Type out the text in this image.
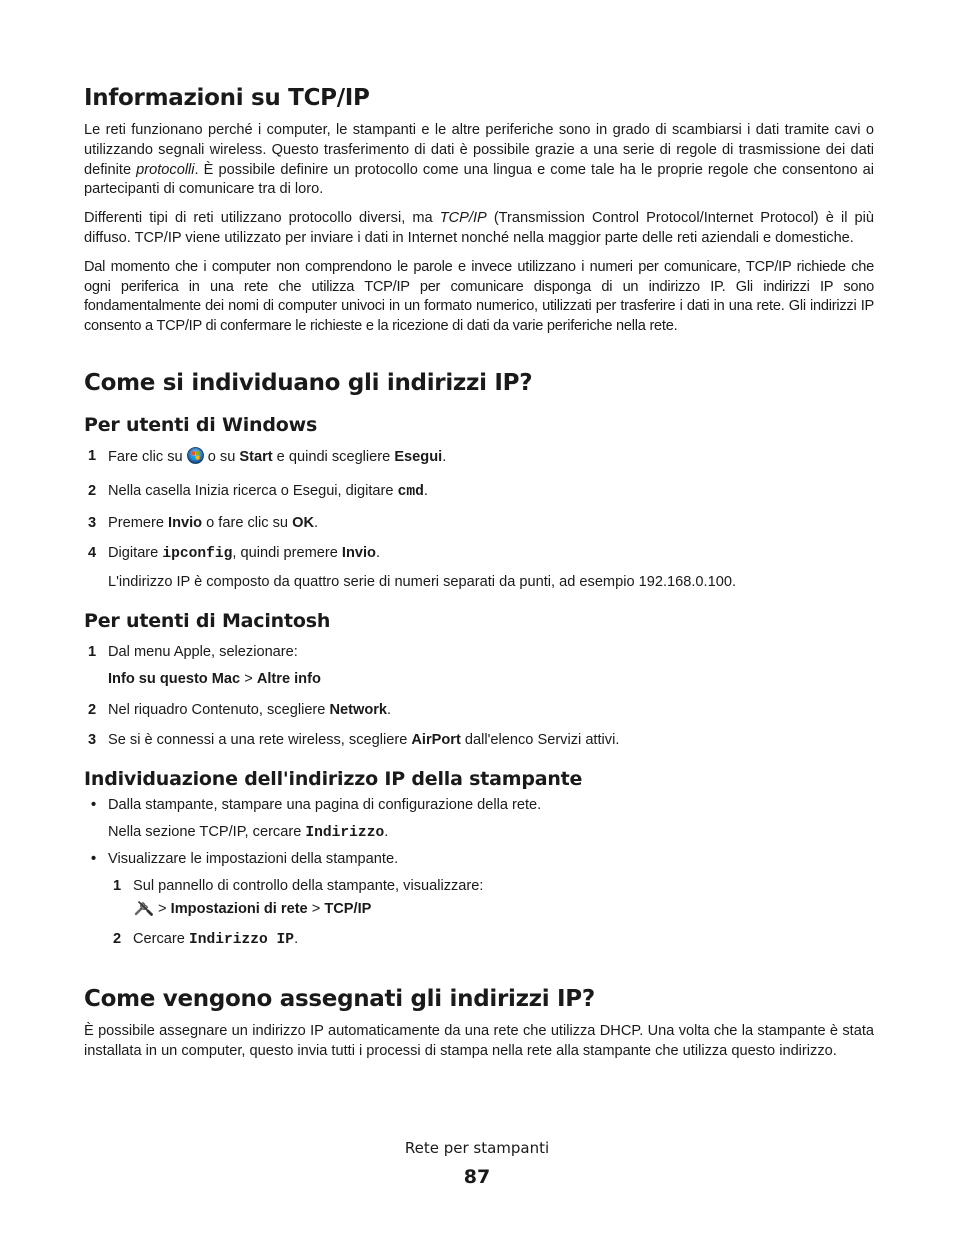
Informazioni su TCP/IP

Le reti funzionano perché i computer, le stampanti e le altre periferiche sono in grado di scambiarsi i dati tramite cavi o utilizzando segnali wireless. Questo trasferimento di dati è possibile grazie a una serie di regole di trasmissione dei dati definite protocolli. È possibile definire un protocollo come una lingua e come tale ha le proprie regole che consentono ai partecipanti di comunicare tra di loro.

Differenti tipi di reti utilizzano protocollo diversi, ma TCP/IP (Transmission Control Protocol/Internet Protocol) è il più diffuso. TCP/IP viene utilizzato per inviare i dati in Internet nonché nella maggior parte delle reti aziendali e domestiche.

Dal momento che i computer non comprendono le parole e invece utilizzano i numeri per comunicare, TCP/IP richiede che ogni periferica in una rete che utilizza TCP/IP per comunicare disponga di un indirizzo IP. Gli indirizzi IP sono fondamentalmente dei nomi di computer univoci in un formato numerico, utilizzati per trasferire i dati in una rete. Gli indirizzi IP consento a TCP/IP di confermare le richieste e la ricezione di dati da varie periferiche nella rete.

Come si individuano gli indirizzi IP?
Per utenti di Windows
1 Fare clic su  o su Start e quindi scegliere Esegui.
2 Nella casella Inizia ricerca o Esegui, digitare cmd.
3 Premere Invio o fare clic su OK.
4 Digitare ipconfig, quindi premere Invio.
L'indirizzo IP è composto da quattro serie di numeri separati da punti, ad esempio 192.168.0.100.
Per utenti di Macintosh
1 Dal menu Apple, selezionare:
Info su questo Mac > Altre info
2 Nel riquadro Contenuto, scegliere Network.
3 Se si è connessi a una rete wireless, scegliere AirPort dall'elenco Servizi attivi.
Individuazione dell'indirizzo IP della stampante
• Dalla stampante, stampare una pagina di configurazione della rete.
Nella sezione TCP/IP, cercare Indirizzo.
• Visualizzare le impostazioni della stampante.
1 Sul pannello di controllo della stampante, visualizzare:
> Impostazioni di rete > TCP/IP
2 Cercare Indirizzo IP.
Come vengono assegnati gli indirizzi IP?

È possibile assegnare un indirizzo IP automaticamente da una rete che utilizza DHCP. Una volta che la stampante è stata installata in un computer, questo invia tutti i processi di stampa nella rete alla stampante che utilizza questo indirizzo.

Rete per stampanti
87
